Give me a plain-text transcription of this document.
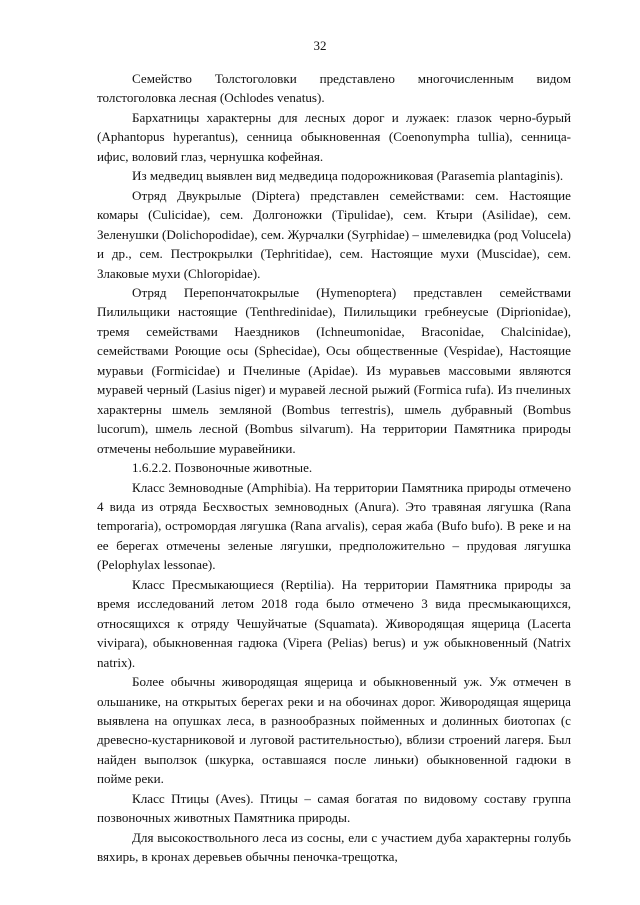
32

Семейство Толстоголовки представлено многочисленным видом толстоголовка лесная (Ochlodes venatus).

Бархатницы характерны для лесных дорог и лужаек: глазок черно-бурый (Aphantopus hyperantus), сенница обыкновенная (Coenonympha tullia), сенница-ифис, воловий глаз, чернушка кофейная.

Из медведиц выявлен вид медведица подорожниковая (Parasemia plantaginis).

Отряд Двукрылые (Diptera) представлен семействами: сем. Настоящие комары (Culicidae), сем. Долгоножки (Tipulidae), сем. Ктыри (Asilidae), сем. Зеленушки (Dolichopodidae), сем. Журчалки (Syrphidae) – шмелевидка (род Volucela) и др., сем. Пестрокрылки (Tephritidae), сем. Настоящие мухи (Muscidae), сем. Злаковые мухи (Chloropidae).

Отряд Перепончатокрылые (Hymenoptera) представлен семействами Пилильщики настоящие (Tenthredinidae), Пилильщики гребнеусые (Diprionidae), тремя семействами Наездников (Ichneumonidae, Braconidae, Chalcinidae), семействами Роющие осы (Sphecidae), Осы общественные (Vespidae), Настоящие муравьи (Formicidae) и Пчелиные (Apidae). Из муравьев массовыми являются муравей черный (Lasius niger) и муравей лесной рыжий (Formica rufa). Из пчелиных характерны шмель земляной (Bombus terrestris), шмель дубравный (Bombus lucorum), шмель лесной (Bombus silvarum). На территории Памятника природы отмечены небольшие муравейники.

1.6.2.2. Позвоночные животные.

Класс Земноводные (Amphibia). На территории Памятника природы отмечено 4 вида из отряда Бесхвостых земноводных (Anura). Это травяная лягушка (Rana temporaria), остромордая лягушка (Rana arvalis), серая жаба (Bufo bufo). В реке и на ее берегах отмечены зеленые лягушки, предположительно – прудовая лягушка (Pelophylax lessonae).

Класс Пресмыкающиеся (Reptilia). На территории Памятника природы за время исследований летом 2018 года было отмечено 3 вида пресмыкающихся, относящихся к отряду Чешуйчатые (Squamata). Живородящая ящерица (Lacerta vivipara), обыкновенная гадюка (Vipera (Pelias) berus) и уж обыкновенный (Natrix natrix).

Более обычны живородящая ящерица и обыкновенный уж. Уж отмечен в ольшанике, на открытых берегах реки и на обочинах дорог. Живородящая ящерица выявлена на опушках леса, в разнообразных пойменных и долинных биотопах (с древесно-кустарниковой и луговой растительностью), вблизи строений лагеря. Был найден выползок (шкурка, оставшаяся после линьки) обыкновенной гадюки в пойме реки.

Класс Птицы (Aves). Птицы – самая богатая по видовому составу группа позвоночных животных Памятника природы.

Для высокоствольного леса из сосны, ели с участием дуба характерны голубь вяхирь, в кронах деревьев обычны пеночка-трещотка,
